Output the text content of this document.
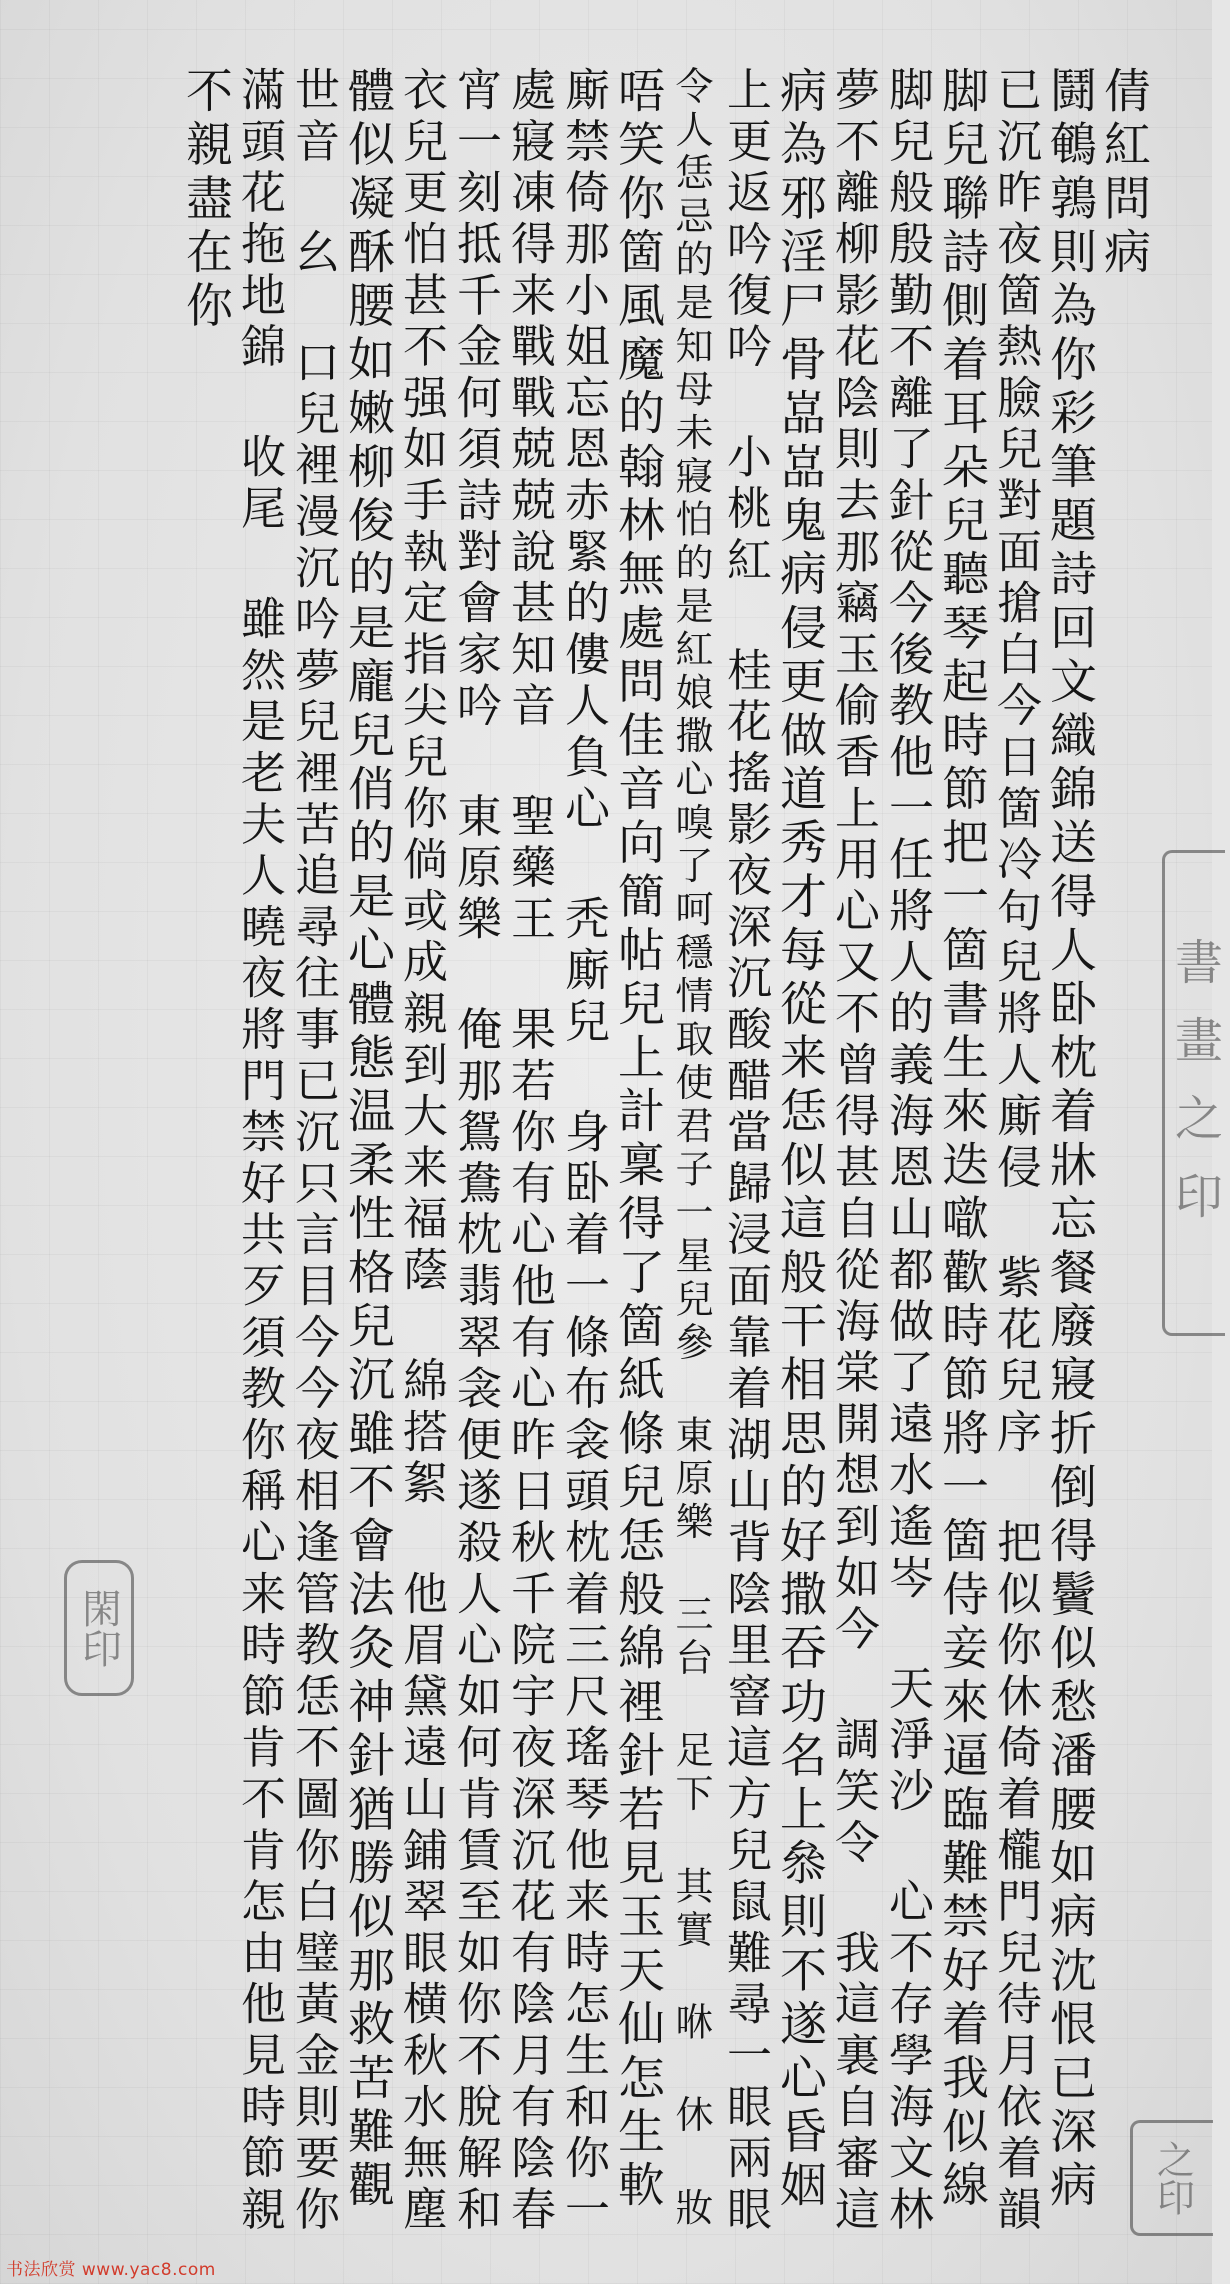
倩紅問病
鬪鵪鶉則為你彩筆題詩回文織錦送得人卧枕着牀忘餐廢寢折倒得鬢似愁潘腰如病沈恨已深病
已沉昨夜箇熱臉兒對面搶白今日箇冷句兒將人廝侵 紫花兒序 把似你休倚着櫳門兒待月依着韻
脚兒聯詩側着耳朵兒聽琴起時節把一箇書生來迭噷歡時節將一箇侍妾來逼臨難禁好着我似線
脚兒般殷勤不離了針從今後教他一任將人的義海恩山都做了遠水遙岑 天淨沙 心不存學海文林
夢不離柳影花陰則去那竊玉偷香上用心又不曾得甚自從海棠開想到如今 調笑令 我這裏自審這
病為邪淫尸骨嵓嵓鬼病侵更做道秀才每從来恁似這般干相思的好撒吞功名上叅則不遂心昏姻
上更返吟復吟 小桃紅 桂花搖影夜深沉酸醋當歸浸面靠着湖山背陰里窨這方兒鼠難尋一眼兩眼
令人恁忌的是知母未寢怕的是紅娘撒心嗅了呵穩情取使君子一星兒參 東原樂 三台 足下 其實 咻 休 妝
唔笑你箇風魔的翰林無處問佳音向簡帖兒上計稟得了箇紙條兒恁般綿裡針若見玉天仙怎生軟
廝禁倚那小姐忘恩赤緊的僂人負心 秃廝兒 身卧着一條布衾頭枕着三尺瑤琴他来時怎生和你一
處寢凍得来戰戰兢兢說甚知音 聖藥王 果若你有心他有心昨日秋千院宇夜深沉花有陰月有陰春
宵一刻抵千金何須詩對會家吟 東原樂 俺那鴛鴦枕翡翠衾便遂殺人心如何肯賃至如你不脫解和
衣兒更怕甚不强如手執定指尖兒你倘或成親到大来福蔭 綿搭絮 他眉黛遠山鋪翠眼横秋水無塵
體似凝酥腰如嫩柳俊的是龐兒俏的是心體態温柔性格兒沉雖不會法灸神針猶勝似那救苦難觀
世音 幺 口兒裡漫沉吟夢兒裡苦追尋往事已沉只言目今今夜相逢管教恁不圖你白璧黃金則要你
滿頭花拖地錦 收尾 雖然是老夫人曉夜將門禁好共歹須教你稱心来時節肯不肯怎由他見時節親
不親盡在你
書畫之印
閑印
之印
书法欣赏 www.yac8.com
